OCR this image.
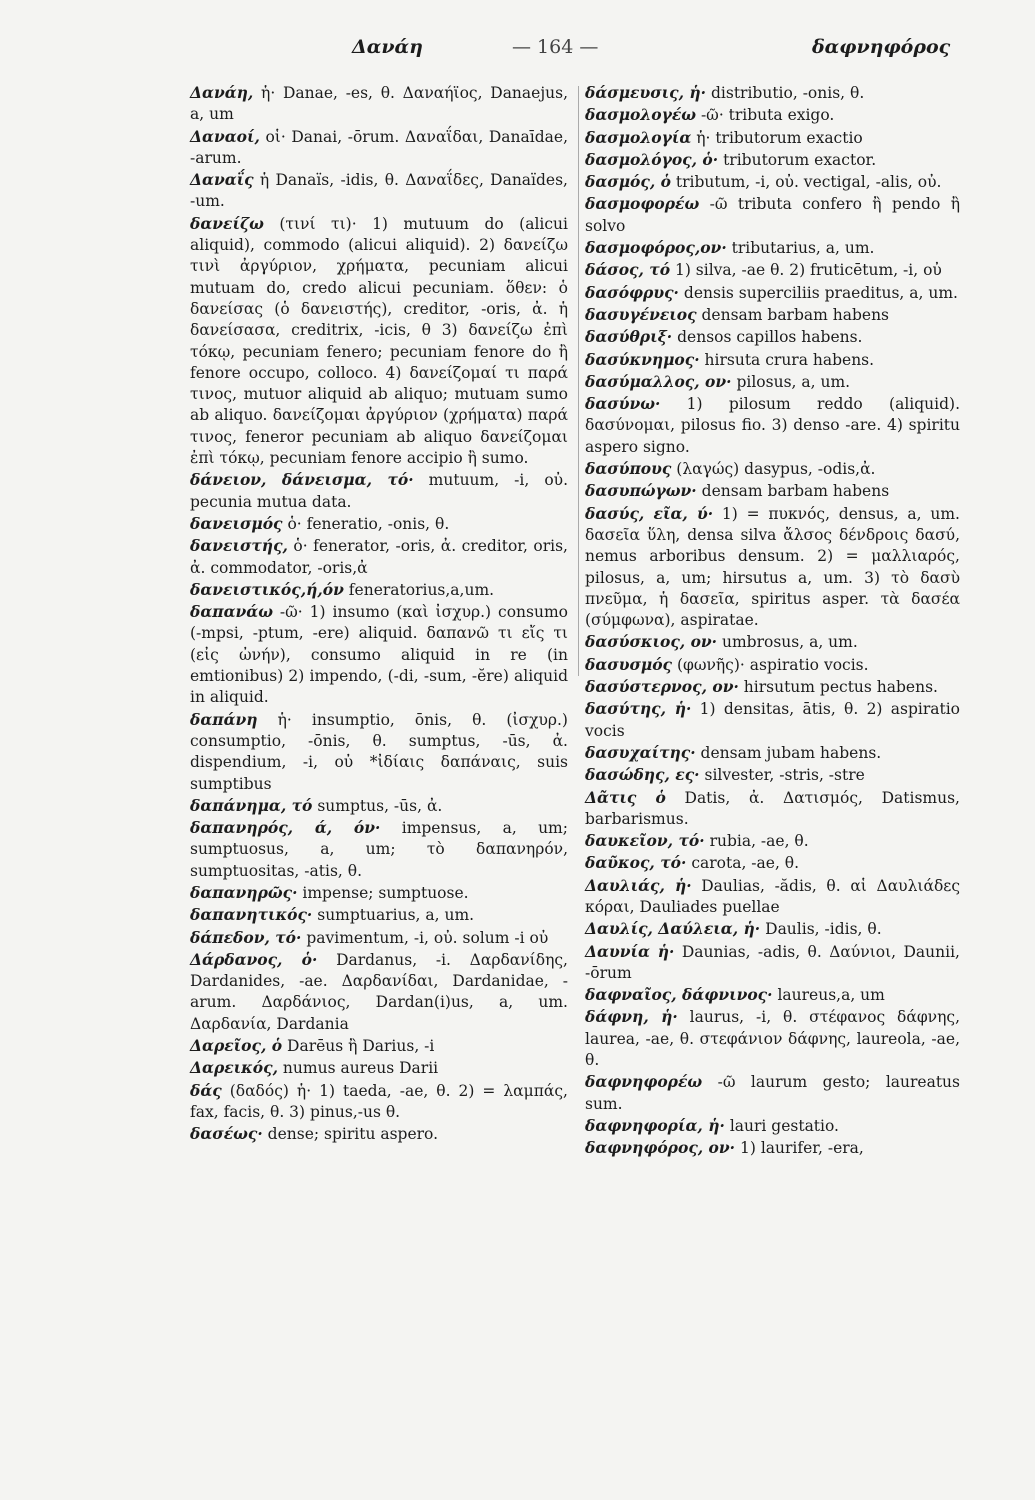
Δανάη	— 164 —	δαφνηφόρος

Δανάη, ἡ· Danae, -es, θ. Δαναήϊος, Danaejus, a, um

Δαναοί, οἱ· Danai, -ōrum. Δαναΐδαι, Danaīdae, -arum.

Δαναΐς ἡ Danaïs, -idis, θ. Δαναΐδες, Danaïdes, -um.

δανείζω (τινί τι)· 1) mutuum do (alicui aliquid), commodo (alicui aliquid). 2) δανείζω τινὶ ἀργύριον, χρήματα, pecuniam alicui mutuam do, credo alicui pecuniam. ὅθεν: ὁ δανείσας (ὁ δανειστής), creditor, -oris, ἀ. ἡ δανείσασα, creditrix, -icis, θ 3) δανείζω ἐπὶ τόκῳ, pecuniam fenero; pecuniam fenore do ἢ fenore occupo, colloco. 4) δανείζομαί τι παρά τινος, mutuor aliquid ab aliquo; mutuam sumo ab aliquo. δανείζομαι ἀργύριον (χρήματα) παρά τινος, feneror pecuniam ab aliquo δανείζομαι ἐπὶ τόκῳ, pecuniam fenore accipio ἢ sumo.

δάνειον, δάνεισμα, τό· mutuum, -i, οὐ. pecunia mutua data.

δανεισμός ὁ· feneratio, -onis, θ.

δανειστής, ὁ· fenerator, -oris, ἀ. creditor, oris, ἀ. commodator, -oris,ἀ

δανειστικός,ή,όν feneratorius,a,um.

δαπανάω -ῶ· 1) insumo (καὶ ἰσχυρ.) consumo (-mpsi, -ptum, -ere) aliquid. δαπανῶ τι εἴς τι (εἰς ὠνήν), consumo aliquid in re (in emtionibus) 2) impendo, (-di, -sum, -ĕre) aliquid in aliquid.

δαπάνη ἡ· insumptio, ōnis, θ. (ἰσχυρ.) consumptio, -ōnis, θ. sumptus, -ūs, ἀ. dispendium, -i, οὐ *ἰδίαις δαπάναις, suis sumptibus

δαπάνημα, τό sumptus, -ūs, ἀ.

δαπανηρός, ά, όν· impensus, a, um; sumptuosus, a, um; τὸ δαπανηρόν, sumptuositas, -atis, θ.

δαπανηρῶς· impense; sumptuose.

δαπανητικός· sumptuarius, a, um.

δάπεδον, τό· pavimentum, -i, οὐ. solum -i οὐ

Δάρδανος, ὁ· Dardanus, -i. Δαρδανίδης, Dardanides, -ae. Δαρδανίδαι, Dardanidae, -arum. Δαρδάνιος, Dardan(i)us, a, um. Δαρδανία, Dardania

Δαρεῖος, ὁ Darēus ἢ Darius, -i

Δαρεικός, numus aureus Darii

δάς (δαδός) ἡ· 1) taeda, -ae, θ. 2) = λαμπάς, fax, facis, θ. 3) pinus,-us θ.

δασέως· dense; spiritu aspero.

δάσμευσις, ἡ· distributio, -onis, θ.

δασμολογέω -ῶ· tributa exigo.

δασμολογία ἡ· tributorum exactio

δασμολόγος, ὁ· tributorum exactor.

δασμός, ὁ tributum, -i, οὐ. vectigal, -alis, οὐ.

δασμοφορέω -ῶ tributa confero ἢ pendo ἢ solvo

δασμοφόρος,ον· tributarius, a, um.

δάσος, τό 1) silva, -ae θ. 2) fruticētum, -i, οὐ

δασόφρυς· densis superciliis praeditus, a, um.

δασυγένειος densam barbam habens

δασύθριξ· densos capillos habens.

δασύκνημος· hirsuta crura habens.

δασύμαλλος, ον· pilosus, a, um.

δασύνω· 1) pilosum reddo (aliquid). δασύνομαι, pilosus fio. 3) denso -are. 4) spiritu aspero signo.

δασύπους (λαγώς) dasypus, -odis,ἀ.

δασυπώγων· densam barbam habens

δασύς, εῖα, ύ· 1) = πυκνός, densus, a, um. δασεῖα ὕλη, densa silva ἄλσος δένδροις δασύ, nemus arboribus densum. 2) = μαλλιαρός, pilosus, a, um; hirsutus a, um. 3) τὸ δασὺ πνεῦμα, ἡ δασεῖα, spiritus asper. τὰ δασέα (σύμφωνα), aspiratae.

δασύσκιος, ον· umbrosus, a, um.

δασυσμός (φωνῆς)· aspiratio vocis.

δασύστερνος, ον· hirsutum pectus habens.

δασύτης, ἡ· 1) densitas, ātis, θ. 2) aspiratio vocis

δασυχαίτης· densam jubam habens.

δασώδης, ες· silvester, -stris, -stre

Δᾶτις ὁ Datis, ἀ. Δατισμός, Datismus, barbarismus.

δαυκεῖον, τό· rubia, -ae, θ.

δαῦκος, τό· carota, -ae, θ.

Δαυλιάς, ἡ· Daulias, -ădis, θ. αἱ Δαυλιάδες κόραι, Dauliades puellae

Δαυλίς, Δαύλεια, ἡ· Daulis, -idis, θ.

Δαυνία ἡ· Daunias, -adis, θ. Δαύνιοι, Daunii, -ōrum

δαφναῖος, δάφνινος· laureus,a, um

δάφνη, ἡ· laurus, -i, θ. στέφανος δάφνης, laurea, -ae, θ. στεφάνιον δάφνης, laureola, -ae, θ.

δαφνηφορέω -ῶ laurum gesto; laureatus sum.

δαφνηφορία, ἡ· lauri gestatio.

δαφνηφόρος, ον· 1) laurifer, -era,
